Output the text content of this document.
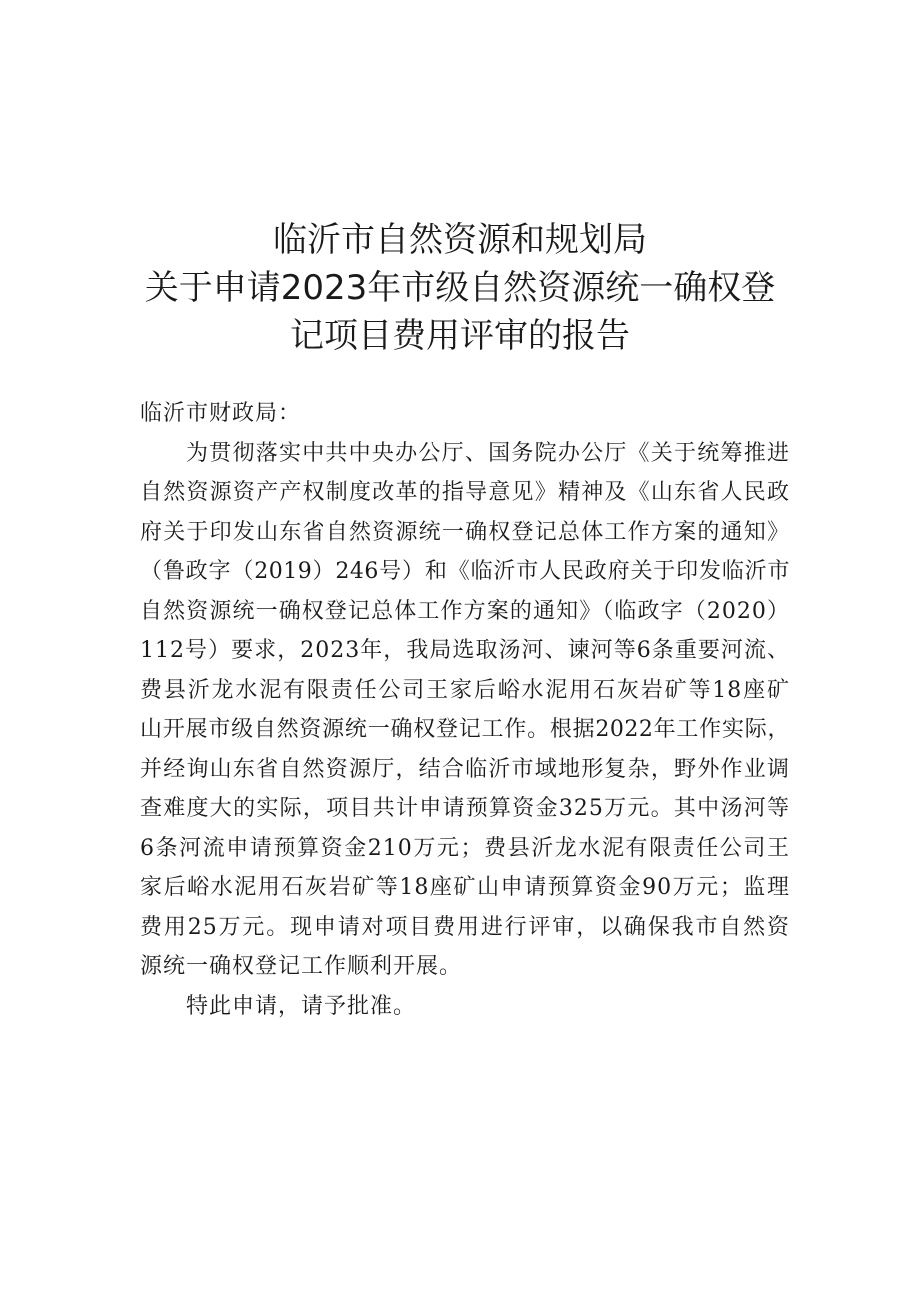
临沂市自然资源和规划局
关于申请2023年市级自然资源统一确权登
记项目费用评审的报告
临沂市财政局：
为贯彻落实中共中央办公厅、国务院办公厅《关于统筹推进
自然资源资产产权制度改革的指导意见》精神及《山东省人民政
府关于印发山东省自然资源统一确权登记总体工作方案的通知》
（鲁政字（2019）246号）和《临沂市人民政府关于印发临沂市
自然资源统一确权登记总体工作方案的通知》（临政字（2020）
112号）要求，2023年，我局选取汤河、谏河等6条重要河流、
费县沂龙水泥有限责任公司王家后峪水泥用石灰岩矿等18座矿
山开展市级自然资源统一确权登记工作。根据2022年工作实际，
并经询山东省自然资源厅，结合临沂市域地形复杂，野外作业调
查难度大的实际，项目共计申请预算资金325万元。其中汤河等
6条河流申请预算资金210万元；费县沂龙水泥有限责任公司王
家后峪水泥用石灰岩矿等18座矿山申请预算资金90万元；监理
费用25万元。现申请对项目费用进行评审，以确保我市自然资
源统一确权登记工作顺利开展。
特此申请，请予批准。
